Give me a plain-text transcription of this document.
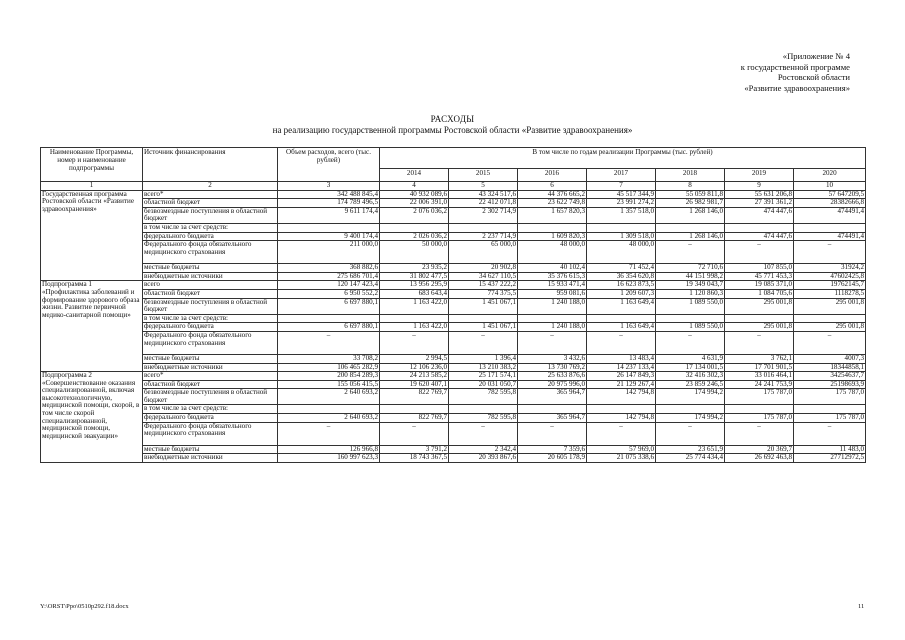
«Приложение № 4
к государственной программе
Ростовской области
«Развитие здравоохранения»
РАСХОДЫ
на реализацию государственной программы Ростовской области «Развитие здравоохранения»
Наименование Программы, номер и наименование подпрограммы	Источник финансирования	Объем расходов, всего (тыс. рублей)	В том числе по годам реализации Программы (тыс. рублей)						
			2014	2015	2016	2017	2018	2019	2020
1	2	3	4	5	6	7	8	9	10
Государственная программа Ростовской области «Развитие здравоохранения»	всего*	342 488 845,4	40 932 089,6	43 324 517,6	44 376 665,2	45 517 344,9	55 059 811,8	55 631 206,8	57 647209,5
	областной бюджет	174 789 496,5	22 006 391,0	22 412 071,8	23 622 749,8	23 991 274,2	26 982 981,7	27 391 361,2	28382666,8
	безвозмездные поступления в областной бюджет	9 611 174,4	2 076 036,2	2 302 714,9	1 657 820,3	1 357 518,0	1 268 146,0	474 447,6	474491,4
	в том числе за счет средств:								
	федерального бюджета	9 400 174,4	2 026 036,2	2 237 714,9	1 609 820,3	1 309 518,0	1 268 146,0	474 447,6	474491,4
	Федерального фонда обязательного медицинского страхования	211 000,0	50 000,0	65 000,0	48 000,0	48 000,0	–	–	–
	местные бюджеты	368 882,6	23 935,2	20 902,8	40 102,4	71 452,4	72 710,6	107 855,0	31924,2
	внебюджетные источники	275 686 701,4	31 802 477,5	34 627 110,5	35 376 615,3	36 354 620,8	44 151 998,2	45 771 453,3	47602425,8
Подпрограмма 1 «Профилактика заболеваний и формирование здорового образа жизни. Развитие первичной медико-санитарной помощи»	всего	120 147 423,4	13 956 295,9	15 437 222,2	15 933 471,4	16 623 873,5	19 349 043,7	19 085 371,0	19762145,7
	областной бюджет	6 950 552,2	683 643,4	774 375,5	959 081,6	1 209 607,3	1 120 860,3	1 084 705,6	1118278,5
	безвозмездные поступления в областной бюджет	6 697 880,1	1 163 422,0	1 451 067,1	1 240 188,0	1 163 649,4	1 089 550,0	295 001,8	295 001,8
	в том числе за счет средств:								
	федерального бюджета	6 697 880,1	1 163 422,0	1 451 067,1	1 240 188,0	1 163 649,4	1 089 550,0	295 001,8	295 001,8
	Федерального фонда обязательного медицинского страхования	–	–	–	–	–	–	–	–
	местные бюджеты	33 708,2	2 994,5	1 396,4	3 432,6	13 483,4	4 631,9	3 762,1	4007,3
	внебюджетные источники	106 465 282,9	12 106 236,0	13 210 383,2	13 730 769,2	14 237 133,4	17 134 001,5	17 701 901,5	18344858,1
Подпрограмма 2 «Совершенствование оказания специализированной, включая высокотехнологичную, медицинской помощи, скорой, в том числе скорой специализированной, медицинской помощи, медицинской эвакуации»	всего*	200 854 289,3	24 213 585,2	25 171 574,1	25 633 876,6	26 147 849,3	32 416 302,3	33 016 464,1	34254637,7
	областной бюджет	155 056 415,5	19 620 407,1	20 031 050,7	20 975 996,0	21 129 267,4	23 859 246,5	24 241 753,9	25198693,9
	безвозмездные поступления в областной бюджет	2 640 693,2	822 769,7	782 595,8	365 964,7	142 794,8	174 994,2	175 787,0	175 787,0
	в том числе за счет средств:								
	федерального бюджета	2 640 693,2	822 769,7	782 595,8	365 964,7	142 794,8	174 994,2	175 787,0	175 787,0
	Федерального фонда обязательного медицинского страхования	–	–	–	–	–	–	–	–
	местные бюджеты	126 966,8	3 791,2	2 342,4	7 359,6	57 969,0	23 651,9	20 369,7	11 483,0
	внебюджетные источники	160 997 623,3	18 743 367,5	20 393 867,6	20 605 178,9	21 075 338,6	25 774 434,4	26 692 463,8	27712972,5
Y:\ORST\Ppo\0510p292.f18.docx	11
